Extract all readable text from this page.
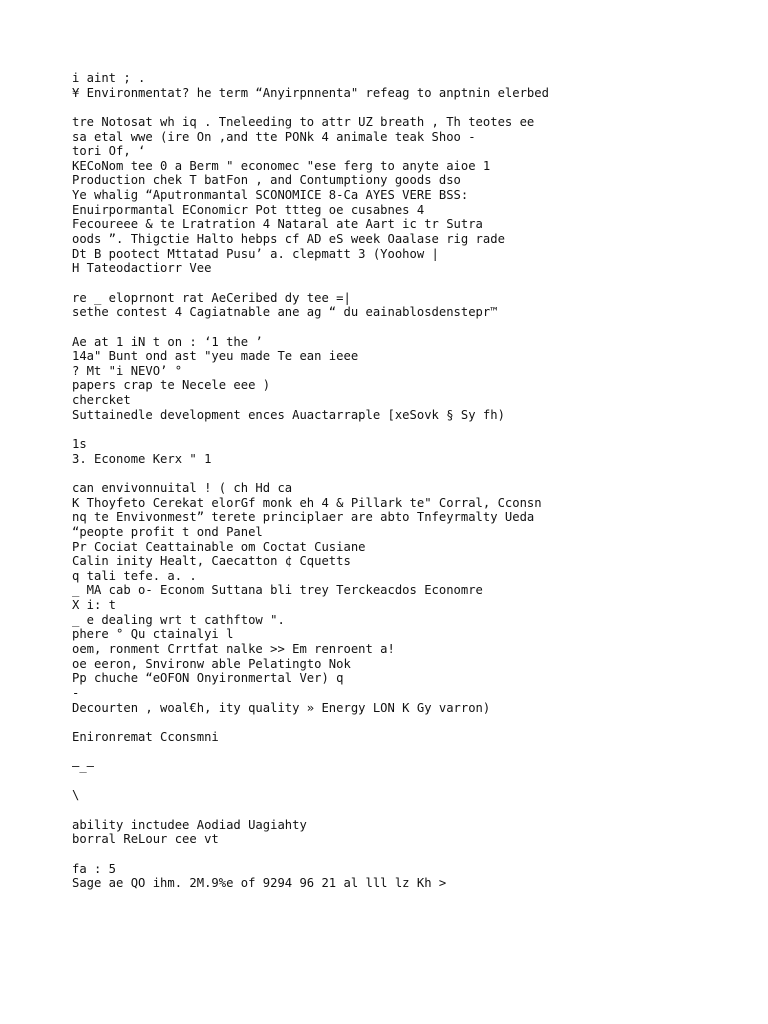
i aint ; .
¥ Environmentat? he term “Anyirpnnenta" refeag to anptnin elerbed
tre Notosat wh iq . Tneleeding to attr UZ breath , Th teotes ee
sa etal wwe (ire On ,and tte PONk 4 animale teak Shoo -
tori Of, ‘
KECoNom tee 0 a Berm " economec "ese ferg to anyte aioe 1
Production chek T batFon , and Contumptiony goods dso
Ye whalig “Aputronmantal SCONOMICE 8-Ca AYES VERE BSS:
Enuirpormantal EConomicr Pot ttteg oe cusabnes 4
Fecoureee & te Lratration 4 Nataral ate Aart ic tr Sutra
oods ”. Thigctie Halto hebps cf AD eS week Oaalase rig rade
Dt B pootect Mttatad Pusu’ a. clepmatt 3 (Yoohow |
H Tateodactiorr Vee
re _ eloprnont rat AeCeribed dy tee =|
sethe contest 4 Cagiatnable ane ag “ du eainablosdenstepr™
Ae at 1 iN t on : ‘1 the ’
14a" Bunt ond ast "yeu made Te ean ieee
? Mt "i NEVO’ °
papers crap te Necele eee )
chercket
Suttainedle development ences Auactarraple [xeSovk § Sy fh)
1s
3. Econome Kerx " 1
can envivonnuital ! ( ch Hd ca
K Thoyfeto Cerekat elorGf monk eh 4 & Pillark te" Corral, Cconsn
nq te Envivonmest” terete principlaer are abto Tnfeyrmalty Ueda
“peopte profit t ond Panel
Pr Cociat Ceattainable om Coctat Cusiane
Calin inity Healt, Caecatton ¢ Cquetts
q tali tefe. a. .
_ MA cab o- Econom Suttana bli trey Terckeacdos Economre
X i: t
_ e dealing wrt t cathftow ".
phere ° Qu ctainalyi l
oem, ronment Crrtfat nalke >> Em renroent a!
oe eeron, Snvironw able Pelatingto Nok
Pp chuche “eOFON Onyironmertal Ver) q
-
Decourten , woal€h, ity quality » Energy LON K Gy varron)
Enironremat Cconsmni
—_—
\
ability inctudee Aodiad Uagiahty
borral ReLour cee vt
fa : 5
Sage ae QO ihm. 2M.9%e of 9294 96 21 al lll lz Kh >
